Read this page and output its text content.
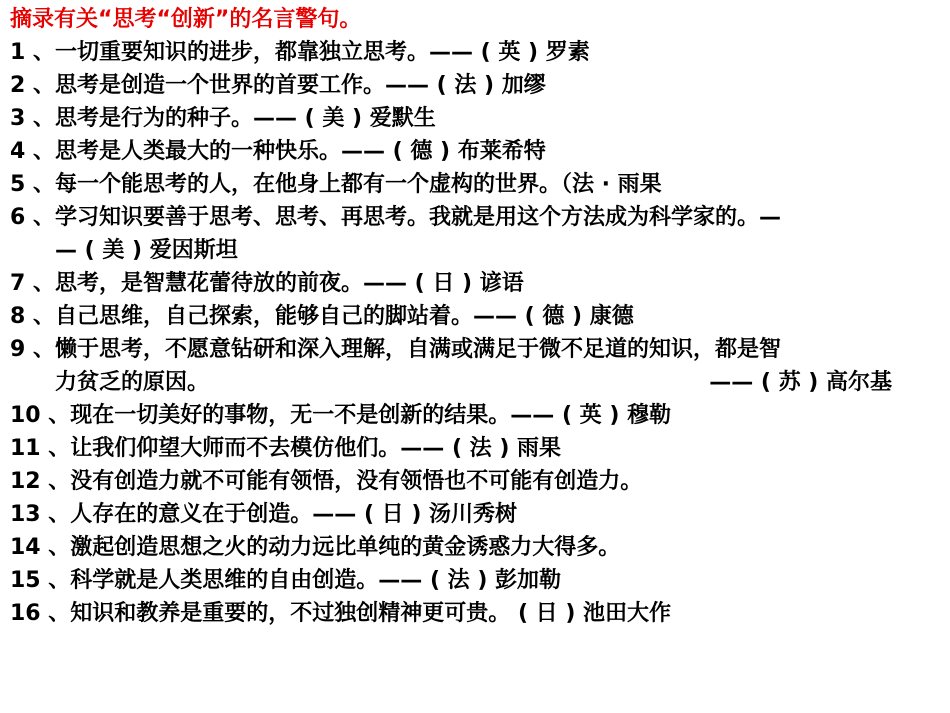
摘录有关“思考“创新”的名言警句。
1 、 一切重要知识的进步，都靠独立思考。—— ( 英 ) 罗素
2 、 思考是创造一个世界的首要工作。—— ( 法 ) 加缪
3 、 思考是行为的种子。—— ( 美 ) 爱默生
4 、 思考是人类最大的一种快乐。—— ( 德 ) 布莱希特
5 、 每一个能思考的人，在他身上都有一个虚构的世界。（法 · 雨果
6 、 学习知识要善于思考、思考、再思考。我就是用这个方法成为科学家的。—
— ( 美 ) 爱因斯坦
7 、 思考，是智慧花蕾待放的前夜。—— ( 日 ) 谚语
8 、 自己思维，自己探索，能够自己的脚站着。—— ( 德 ) 康德
9 、 懒于思考，不愿意钻研和深入理解，自满或满足于微不足道的知识，都是智
力贫乏的原因。	—— ( 苏 ) 高尔基
10 、 现在一切美好的事物，无一不是创新的结果。—— ( 英 ) 穆勒
11 、 让我们仰望大师而不去模仿他们。—— ( 法 ) 雨果
12 、 没有创造力就不可能有领悟，没有领悟也不可能有创造力。
13 、 人存在的意义在于创造。—— ( 日 ) 汤川秀树
14 、 激起创造思想之火的动力远比单纯的黄金诱惑力大得多。
15 、 科学就是人类思维的自由创造。—— ( 法 ) 彭加勒
16 、 知识和教养是重要的，不过独创精神更可贵。 ( 日 ) 池田大作
